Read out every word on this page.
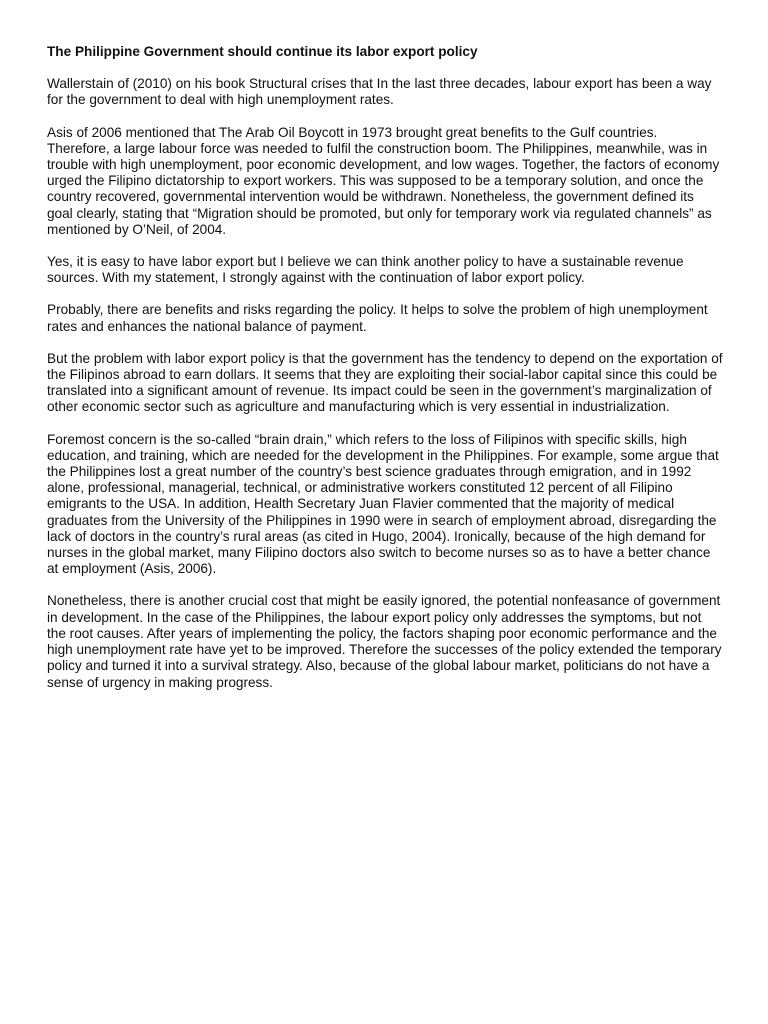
The Philippine Government should continue its labor export policy

Wallerstain of (2010) on his book Structural crises that In the last three decades, labour export has been a way for the government to deal with high unemployment rates.

Asis of 2006 mentioned that The Arab Oil Boycott in 1973 brought great benefits to the Gulf countries. Therefore, a large labour force was needed to fulfil the construction boom. The Philippines, meanwhile, was in trouble with high unemployment, poor economic development, and low wages. Together, the factors of economy urged the Filipino dictatorship to export workers. This was supposed to be a temporary solution, and once the country recovered, governmental intervention would be withdrawn. Nonetheless, the government defined its goal clearly, stating that “Migration should be promoted, but only for temporary work via regulated channels” as mentioned by O’Neil, of 2004.

Yes, it is easy to have labor export but I believe we can think another policy to have a sustainable revenue sources. With my statement, I strongly against with the continuation of labor export policy.

Probably, there are benefits and risks regarding the policy. It helps to solve the problem of high unemployment rates and enhances the national balance of payment.

But the problem with labor export policy is that the government has the tendency to depend on the exportation of the Filipinos abroad to earn dollars. It seems that they are exploiting their social-labor capital since this could be translated into a significant amount of revenue. Its impact could be seen in the government’s marginalization of other economic sector such as agriculture and manufacturing which is very essential in industrialization.

Foremost concern is the so-called “brain drain,” which refers to the loss of Filipinos with specific skills, high education, and training, which are needed for the development in the Philippines. For example, some argue that the Philippines lost a great number of the country’s best science graduates through emigration, and in 1992 alone, professional, managerial, technical, or administrative workers constituted 12 percent of all Filipino emigrants to the USA. In addition, Health Secretary Juan Flavier commented that the majority of medical graduates from the University of the Philippines in 1990 were in search of employment abroad, disregarding the lack of doctors in the country’s rural areas (as cited in Hugo, 2004). Ironically, because of the high demand for nurses in the global market, many Filipino doctors also switch to become nurses so as to have a better chance at employment (Asis, 2006).

Nonetheless, there is another crucial cost that might be easily ignored, the potential nonfeasance of government in development. In the case of the Philippines, the labour export policy only addresses the symptoms, but not the root causes. After years of implementing the policy, the factors shaping poor economic performance and the high unemployment rate have yet to be improved. Therefore the successes of the policy extended the temporary policy and turned it into a survival strategy. Also, because of the global labour market, politicians do not have a sense of urgency in making progress.
